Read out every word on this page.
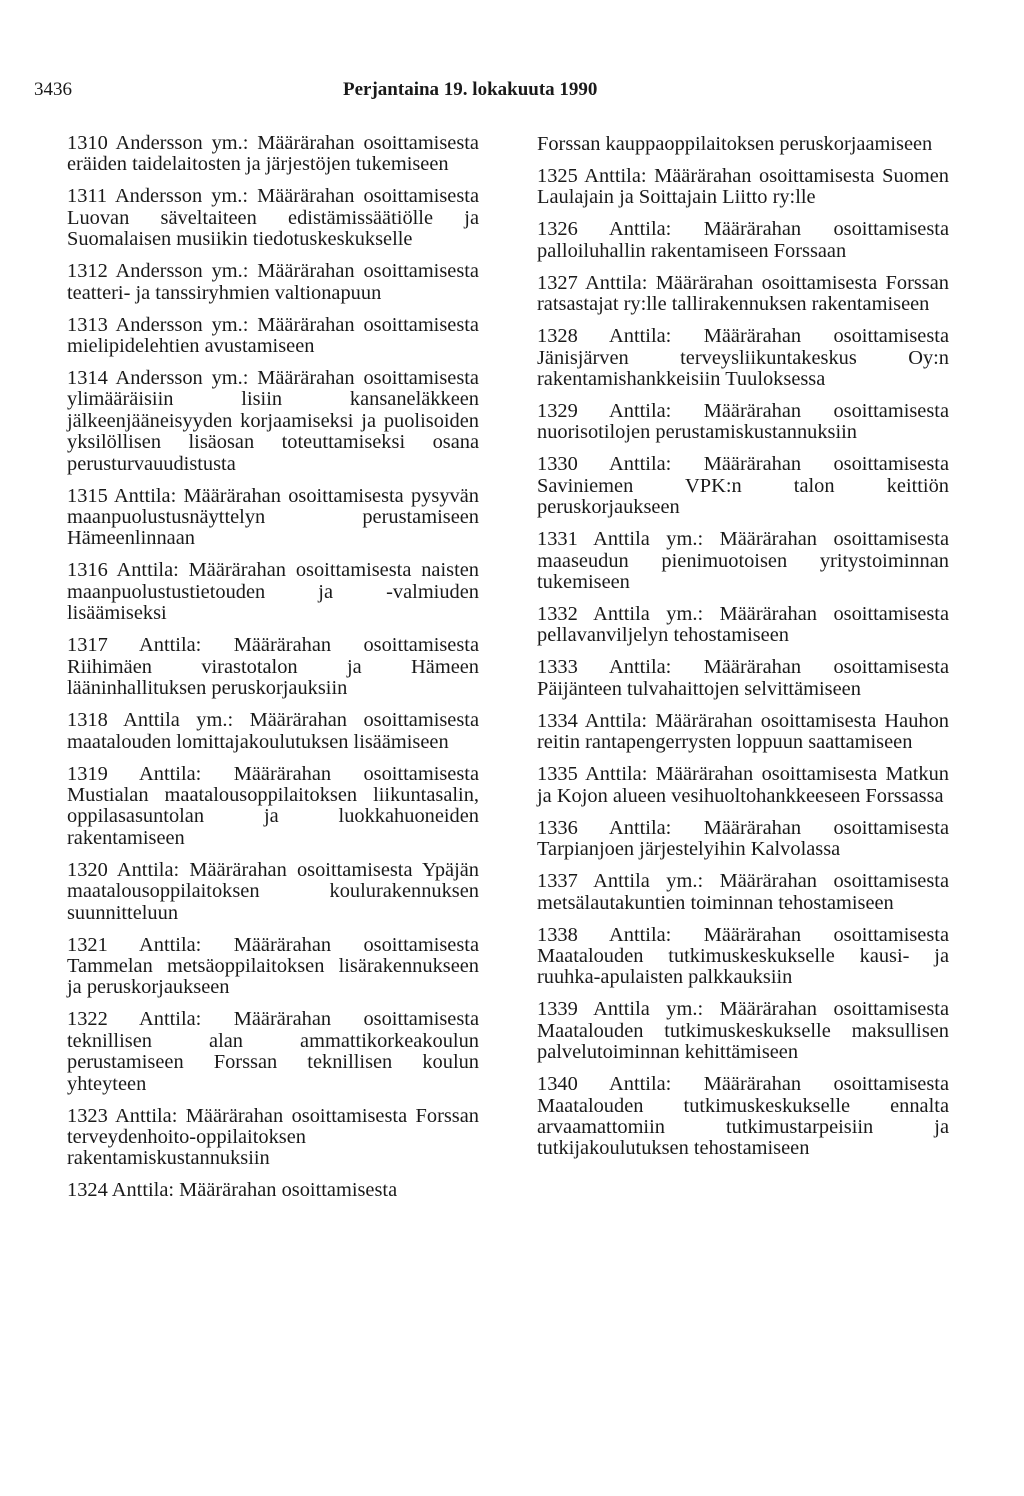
3436	Perjantaina 19. lokakuuta 1990

1310 Andersson ym.: Määrärahan osoittamisesta eräiden taidelaitosten ja järjestöjen tukemiseen

1311 Andersson ym.: Määrärahan osoittamisesta Luovan säveltaiteen edistämissäätiölle ja Suomalaisen musiikin tiedotuskeskukselle

1312 Andersson ym.: Määrärahan osoittamisesta teatteri- ja tanssiryhmien valtionapuun

1313 Andersson ym.: Määrärahan osoittamisesta mielipidelehtien avustamiseen

1314 Andersson ym.: Määrärahan osoittamisesta ylimääräisiin lisiin kansaneläkkeen jälkeenjääneisyyden korjaamiseksi ja puolisoiden yksilöllisen lisäosan toteuttamiseksi osana perusturvauudistusta

1315 Anttila: Määrärahan osoittamisesta pysyvän maanpuolustusnäyttelyn perustamiseen Hämeenlinnaan

1316 Anttila: Määrärahan osoittamisesta naisten maanpuolustustietouden ja -valmiuden lisäämiseksi

1317 Anttila: Määrärahan osoittamisesta Riihimäen virastotalon ja Hämeen lääninhallituksen peruskorjauksiin

1318 Anttila ym.: Määrärahan osoittamisesta maatalouden lomittajakoulutuksen lisäämiseen

1319 Anttila: Määrärahan osoittamisesta Mustialan maatalousoppilaitoksen liikuntasalin, oppilasasuntolan ja luokkahuoneiden rakentamiseen

1320 Anttila: Määrärahan osoittamisesta Ypäjän maatalousoppilaitoksen koulurakennuksen suunnitteluun

1321 Anttila: Määrärahan osoittamisesta Tammelan metsäoppilaitoksen lisärakennukseen ja peruskorjaukseen

1322 Anttila: Määrärahan osoittamisesta teknillisen alan ammattikorkeakoulun perustamiseen Forssan teknillisen koulun yhteyteen

1323 Anttila: Määrärahan osoittamisesta Forssan terveydenhoito-oppilaitoksen rakentamiskustannuksiin

1324 Anttila: Määrärahan osoittamisesta

Forssan kauppaoppilaitoksen peruskorjaamiseen

1325 Anttila: Määrärahan osoittamisesta Suomen Laulajain ja Soittajain Liitto ry:lle

1326 Anttila: Määrärahan osoittamisesta palloiluhallin rakentamiseen Forssaan

1327 Anttila: Määrärahan osoittamisesta Forssan ratsastajat ry:lle tallirakennuksen rakentamiseen

1328 Anttila: Määrärahan osoittamisesta Jänisjärven terveysliikuntakeskus Oy:n rakentamishankkeisiin Tuuloksessa

1329 Anttila: Määrärahan osoittamisesta nuorisotilojen perustamiskustannuksiin

1330 Anttila: Määrärahan osoittamisesta Saviniemen VPK:n talon keittiön peruskorjaukseen

1331 Anttila ym.: Määrärahan osoittamisesta maaseudun pienimuotoisen yritystoiminnan tukemiseen

1332 Anttila ym.: Määrärahan osoittamisesta pellavanviljelyn tehostamiseen

1333 Anttila: Määrärahan osoittamisesta Päijänteen tulvahaittojen selvittämiseen

1334 Anttila: Määrärahan osoittamisesta Hauhon reitin rantapengerrysten loppuun saattamiseen

1335 Anttila: Määrärahan osoittamisesta Matkun ja Kojon alueen vesihuoltohankkeeseen Forssassa

1336 Anttila: Määrärahan osoittamisesta Tarpianjoen järjestelyihin Kalvolassa

1337 Anttila ym.: Määrärahan osoittamisesta metsälautakuntien toiminnan tehostamiseen

1338 Anttila: Määrärahan osoittamisesta Maatalouden tutkimuskeskukselle kausi- ja ruuhka-apulaisten palkkauksiin

1339 Anttila ym.: Määrärahan osoittamisesta Maatalouden tutkimuskeskukselle maksullisen palvelutoiminnan kehittämiseen

1340 Anttila: Määrärahan osoittamisesta Maatalouden tutkimuskeskukselle ennalta arvaamattomiin tutkimustarpeisiin ja tutkijakoulutuksen tehostamiseen
